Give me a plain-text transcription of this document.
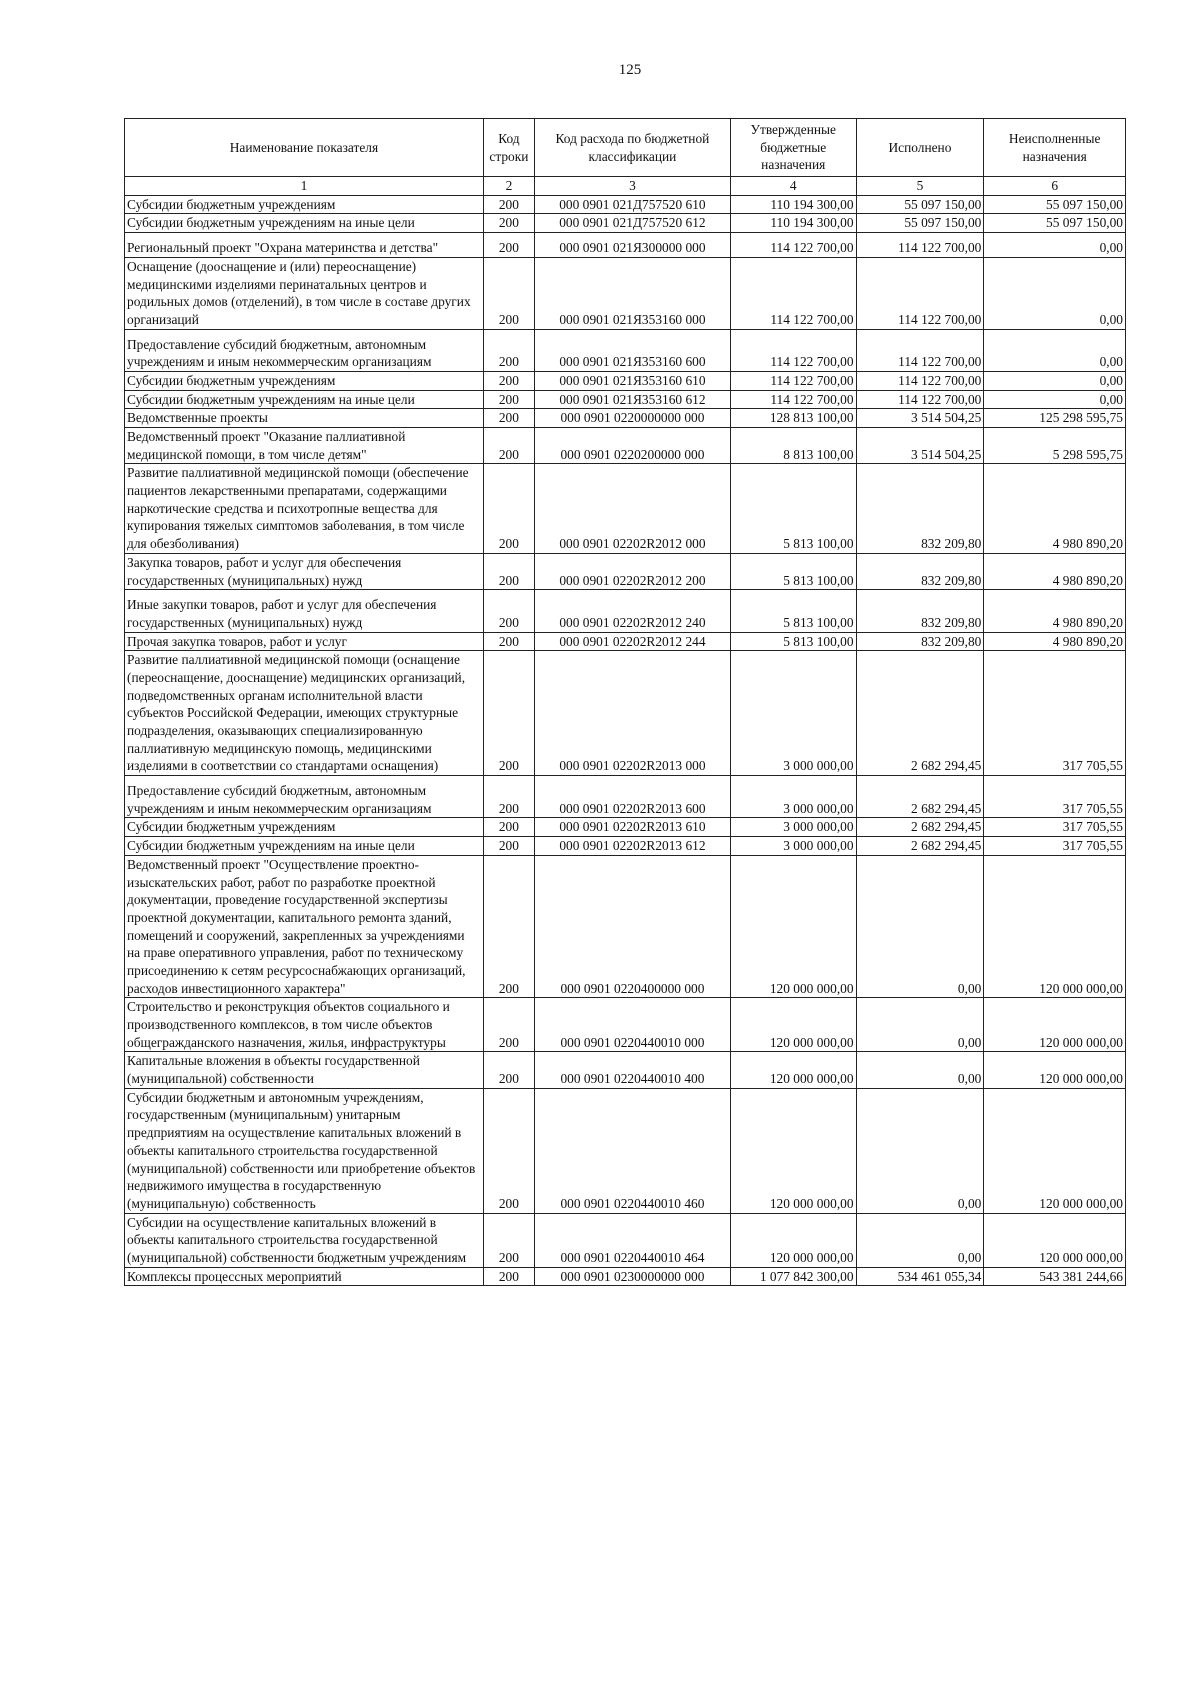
125
Наименование показателя	Код строки	Код расхода по бюджетной классификации	Утвержденные бюджетные назначения	Исполнено	Неисполненные назначения
1	2	3	4	5	6
Субсидии бюджетным учреждениям	200	000 0901 021Д757520 610	110 194 300,00	55 097 150,00	55 097 150,00
Субсидии бюджетным учреждениям на иные цели	200	000 0901 021Д757520 612	110 194 300,00	55 097 150,00	55 097 150,00
Региональный проект "Охрана материнства и детства"	200	000 0901 021Я300000 000	114 122 700,00	114 122 700,00	0,00
Оснащение (дооснащение и (или) переоснащение) медицинскими изделиями перинатальных центров и родильных домов (отделений), в том числе в составе других организаций	200	000 0901 021Я353160 000	114 122 700,00	114 122 700,00	0,00
Предоставление субсидий бюджетным, автономным учреждениям и иным некоммерческим организациям	200	000 0901 021Я353160 600	114 122 700,00	114 122 700,00	0,00
Субсидии бюджетным учреждениям	200	000 0901 021Я353160 610	114 122 700,00	114 122 700,00	0,00
Субсидии бюджетным учреждениям на иные цели	200	000 0901 021Я353160 612	114 122 700,00	114 122 700,00	0,00
Ведомственные проекты	200	000 0901 0220000000 000	128 813 100,00	3 514 504,25	125 298 595,75
Ведомственный проект "Оказание паллиативной медицинской помощи, в том числе детям"	200	000 0901 0220200000 000	8 813 100,00	3 514 504,25	5 298 595,75
Развитие паллиативной медицинской помощи (обеспечение пациентов лекарственными препаратами, содержащими наркотические средства и психотропные вещества для купирования тяжелых симптомов заболевания, в том числе для обезболивания)	200	000 0901 02202R2012 000	5 813 100,00	832 209,80	4 980 890,20
Закупка товаров, работ и услуг для обеспечения государственных (муниципальных) нужд	200	000 0901 02202R2012 200	5 813 100,00	832 209,80	4 980 890,20
Иные закупки товаров, работ и услуг для обеспечения государственных (муниципальных) нужд	200	000 0901 02202R2012 240	5 813 100,00	832 209,80	4 980 890,20
Прочая закупка товаров, работ и услуг	200	000 0901 02202R2012 244	5 813 100,00	832 209,80	4 980 890,20
Развитие паллиативной медицинской помощи (оснащение (переоснащение, дооснащение) медицинских организаций, подведомственных органам исполнительной власти субъектов Российской Федерации, имеющих структурные подразделения, оказывающих специализированную паллиативную медицинскую помощь, медицинскими изделиями в соответствии со стандартами оснащения)	200	000 0901 02202R2013 000	3 000 000,00	2 682 294,45	317 705,55
Предоставление субсидий бюджетным, автономным учреждениям и иным некоммерческим организациям	200	000 0901 02202R2013 600	3 000 000,00	2 682 294,45	317 705,55
Субсидии бюджетным учреждениям	200	000 0901 02202R2013 610	3 000 000,00	2 682 294,45	317 705,55
Субсидии бюджетным учреждениям на иные цели	200	000 0901 02202R2013 612	3 000 000,00	2 682 294,45	317 705,55
Ведомственный проект "Осуществление проектно-изыскательских работ, работ по разработке проектной документации, проведение государственной экспертизы проектной документации, капитального ремонта зданий, помещений и сооружений, закрепленных за учреждениями на праве оперативного управления, работ по техническому присоединению к сетям ресурсоснабжающих организаций, расходов инвестиционного характера"	200	000 0901 0220400000 000	120 000 000,00	0,00	120 000 000,00
Строительство и реконструкция объектов социального и производственного комплексов, в том числе объектов общегражданского назначения, жилья, инфраструктуры	200	000 0901 0220440010 000	120 000 000,00	0,00	120 000 000,00
Капитальные вложения в объекты государственной (муниципальной) собственности	200	000 0901 0220440010 400	120 000 000,00	0,00	120 000 000,00
Субсидии бюджетным и автономным учреждениям, государственным (муниципальным) унитарным предприятиям на осуществление капитальных вложений в объекты капитального строительства государственной (муниципальной) собственности или приобретение объектов недвижимого имущества в государственную (муниципальную) собственность	200	000 0901 0220440010 460	120 000 000,00	0,00	120 000 000,00
Субсидии на осуществление капитальных вложений в объекты капитального строительства государственной (муниципальной) собственности бюджетным учреждениям	200	000 0901 0220440010 464	120 000 000,00	0,00	120 000 000,00
Комплексы процессных мероприятий	200	000 0901 0230000000 000	1 077 842 300,00	534 461 055,34	543 381 244,66
